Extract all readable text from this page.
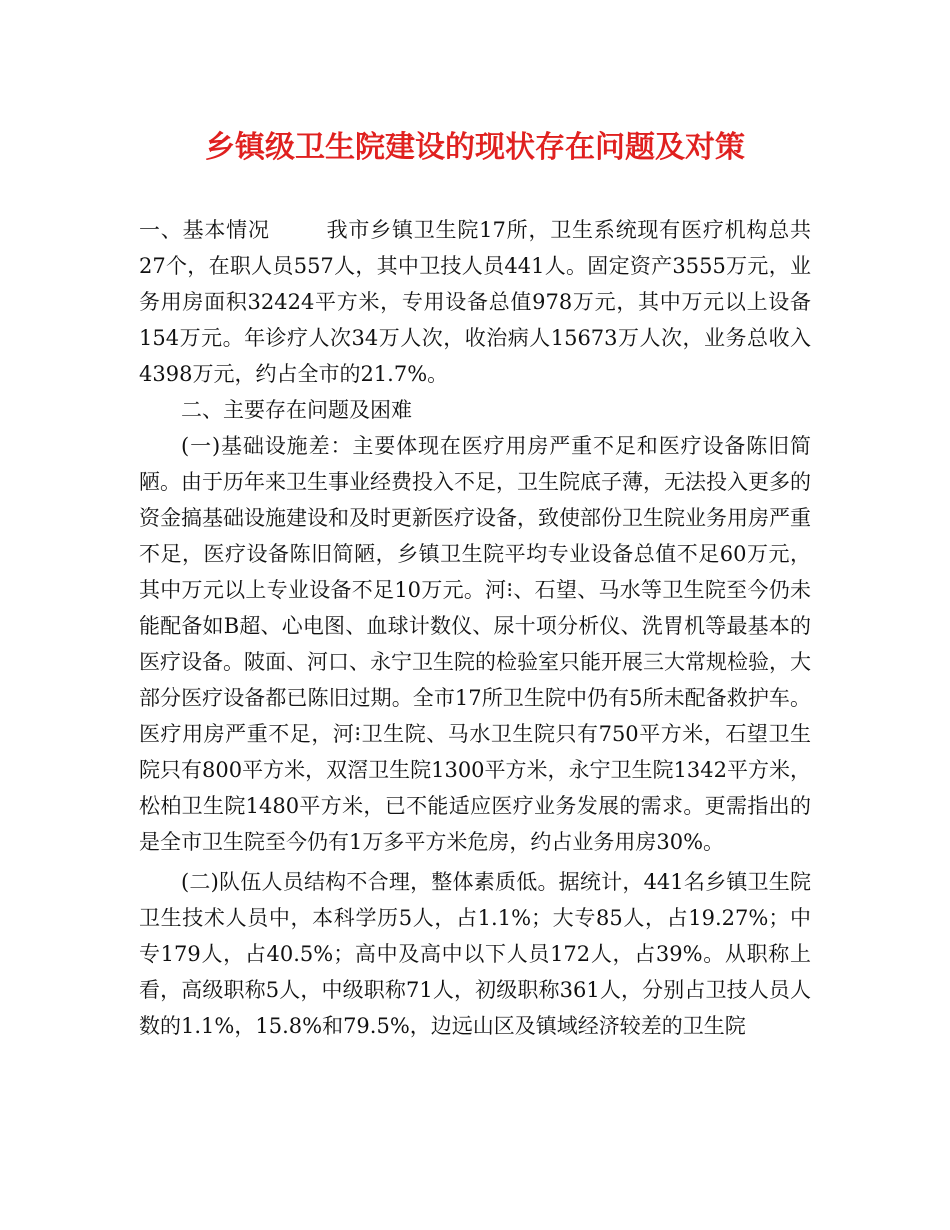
乡镇级卫生院建设的现状存在问题及对策

一、基本情况	我市乡镇卫生院17所，卫生系统现有医疗机构总共27个，在职人员557人，其中卫技人员441人。固定资产3555万元，业务用房面积32424平方米，专用设备总值978万元，其中万元以上设备154万元。年诊疗人次34万人次，收治病人15673万人次，业务总收入4398万元，约占全市的21.7%。

二、主要存在问题及困难

(一)基础设施差：主要体现在医疗用房严重不足和医疗设备陈旧简陋。由于历年来卫生事业经费投入不足，卫生院底子薄，无法投入更多的资金搞基础设施建设和及时更新医疗设备，致使部份卫生院业务用房严重不足，医疗设备陈旧简陋，乡镇卫生院平均专业设备总值不足60万元，其中万元以上专业设备不足10万元。河⁝、石望、马水等卫生院至今仍未能配备如B超、心电图、血球计数仪、尿十项分析仪、洗胃机等最基本的医疗设备。陂面、河口、永宁卫生院的检验室只能开展三大常规检验，大部分医疗设备都已陈旧过期。全市17所卫生院中仍有5所未配备救护车。医疗用房严重不足，河⁝卫生院、马水卫生院只有750平方米，石望卫生院只有800平方米，双滘卫生院1300平方米，永宁卫生院1342平方米，松柏卫生院1480平方米，已不能适应医疗业务发展的需求。更需指出的是全市卫生院至今仍有1万多平方米危房，约占业务用房30%。

(二)队伍人员结构不合理，整体素质低。据统计，441名乡镇卫生院卫生技术人员中，本科学历5人，占1.1%；大专85人，占19.27%；中专179人，占40.5%；高中及高中以下人员172人，占39%。从职称上看，高级职称5人，中级职称71人，初级职称361人，分别占卫技人员人数的1.1%，15.8%和79.5%，边远山区及镇域经济较差的卫生院
